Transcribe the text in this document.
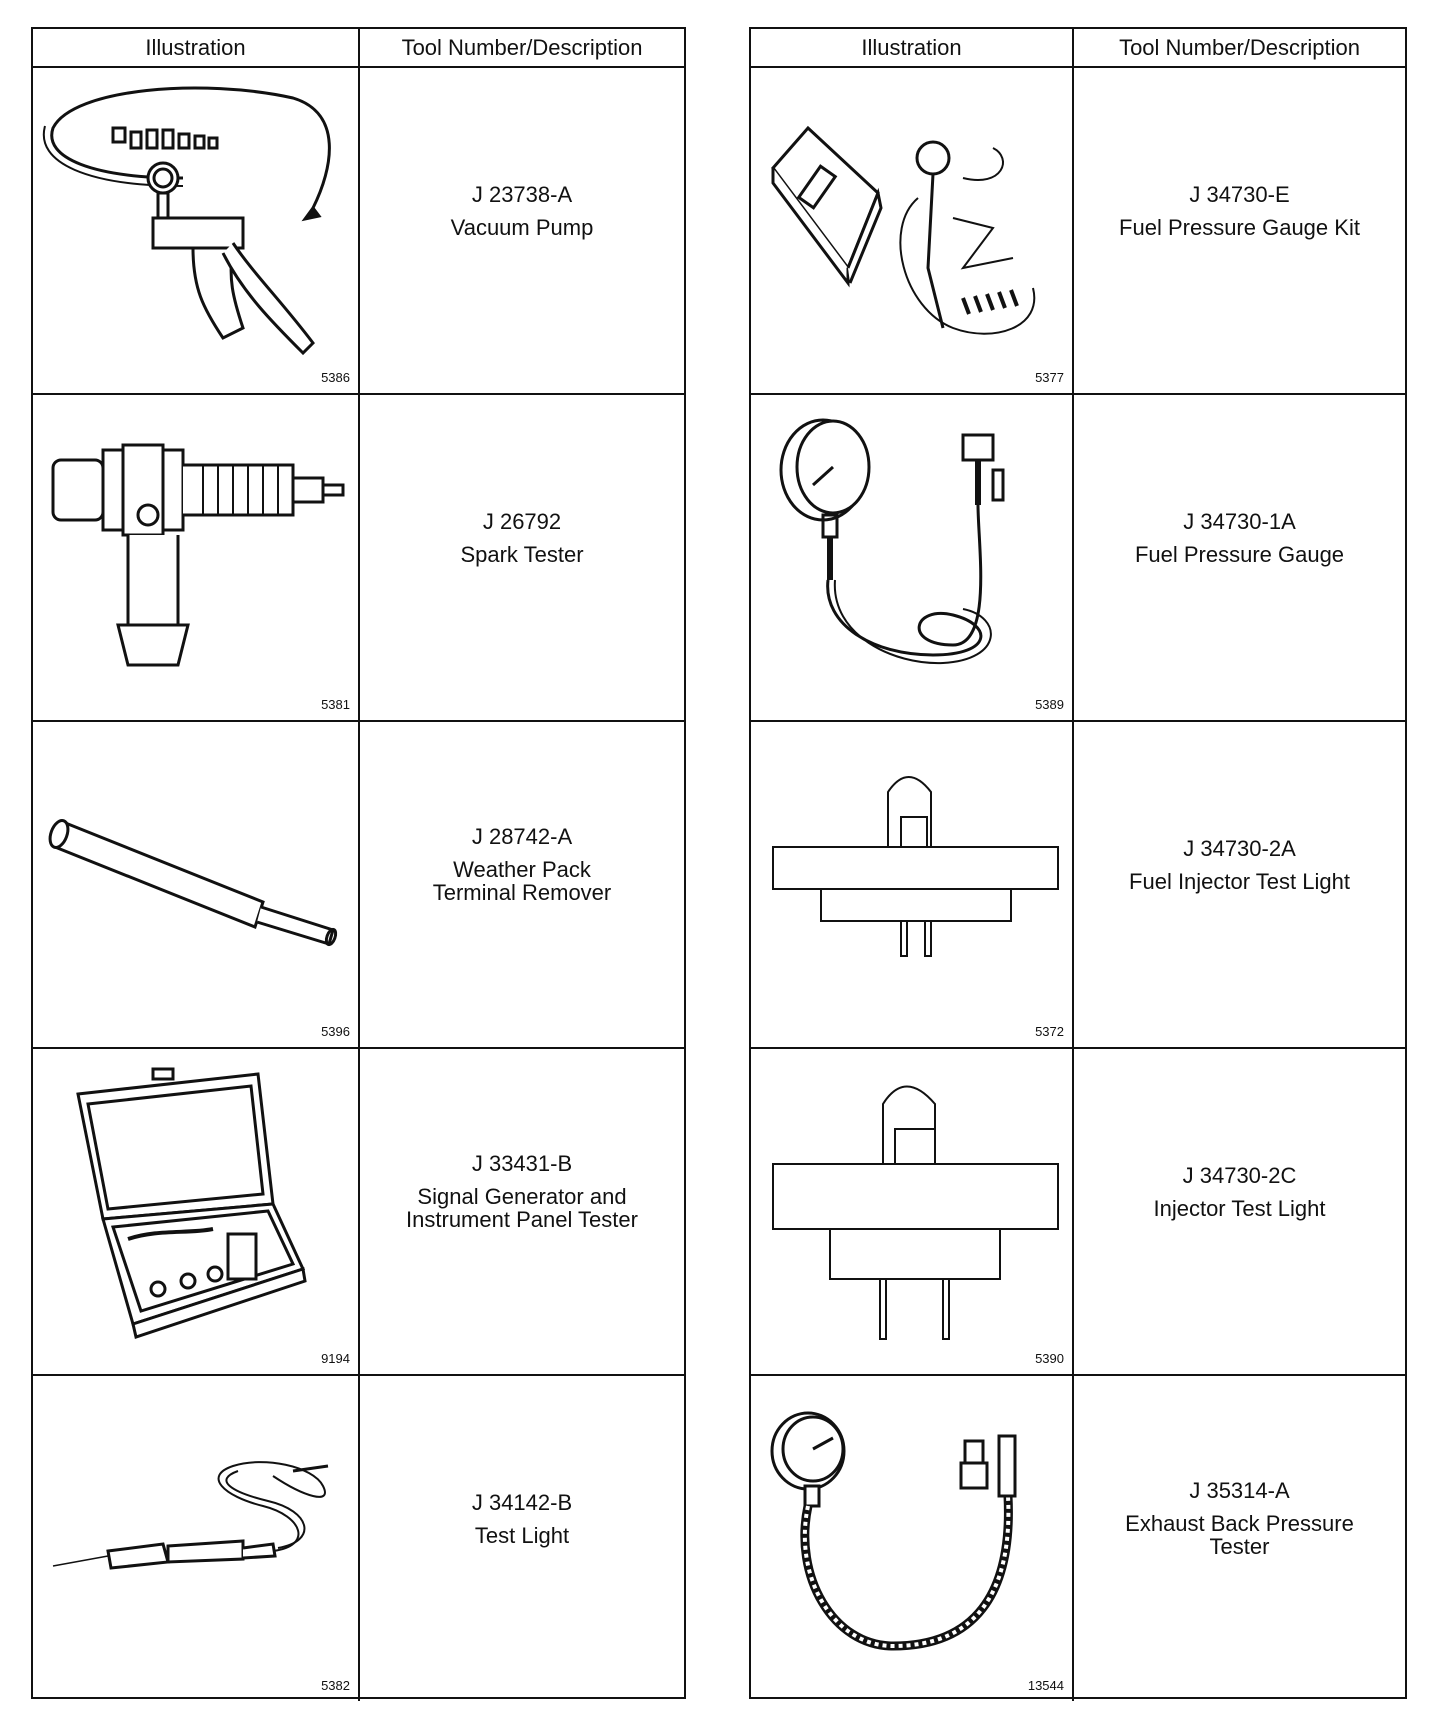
Illustration	Tool Number/Description
5386
J 23738-A
Vacuum Pump
5381
J 26792
Spark Tester
5396
J 28742-A
Weather Pack
Terminal Remover
9194
J 33431-B
Signal Generator and
Instrument Panel Tester
5382
J 34142-B
Test Light
Illustration	Tool Number/Description
5377
J 34730-E
Fuel Pressure Gauge Kit
5389
J 34730-1A
Fuel Pressure Gauge
5372
J 34730-2A
Fuel Injector Test Light
5390
J 34730-2C
Injector Test Light
13544
J 35314-A
Exhaust Back Pressure
Tester
